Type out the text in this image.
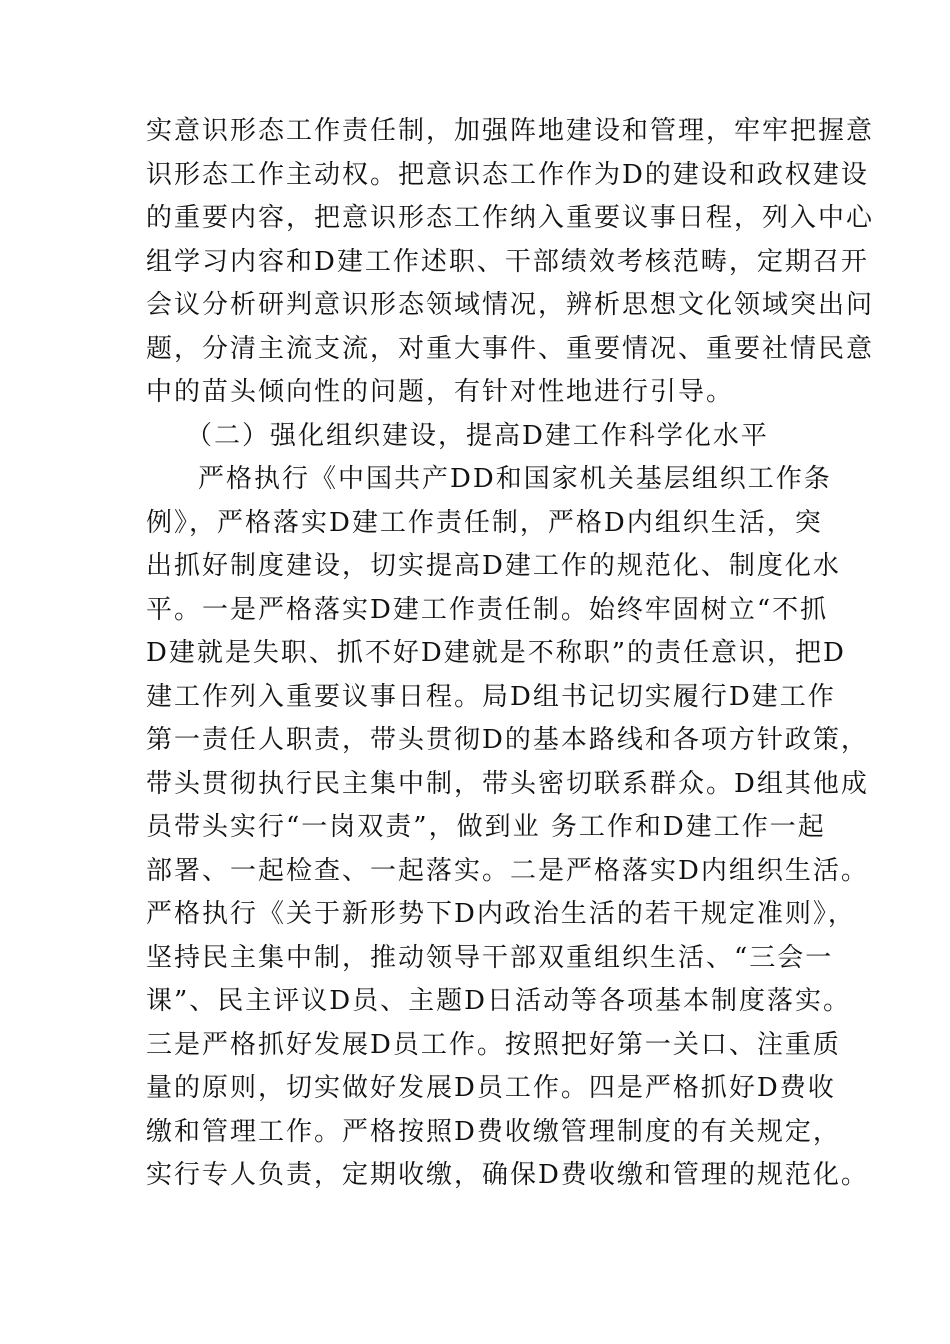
实意识形态工作责任制，加强阵地建设和管理，牢牢把握意
识形态工作主动权。把意识态工作作为D的建设和政权建设
的重要内容，把意识形态工作纳入重要议事日程，列入中心
组学习内容和D建工作述职、干部绩效考核范畴，定期召开
会议分析研判意识形态领域情况，辨析思想文化领域突出问
题，分清主流支流，对重大事件、重要情况、重要社情民意
中的苗头倾向性的问题，有针对性地进行引导。
（二）强化组织建设，提高D建工作科学化水平
严格执行《中国共产DD和国家机关基层组织工作条
例》，严格落实D建工作责任制，严格D内组织生活，突
出抓好制度建设，切实提高D建工作的规范化、制度化水
平。一是严格落实D建工作责任制。始终牢固树立“不抓
D建就是失职、抓不好D建就是不称职”的责任意识，把D
建工作列入重要议事日程。局D组书记切实履行D建工作
第一责任人职责，带头贯彻D的基本路线和各项方针政策，
带头贯彻执行民主集中制，带头密切联系群众。D组其他成
员带头实行“一岗双责”，做到业 务工作和D建工作一起
部署、一起检查、一起落实。二是严格落实D内组织生活。
严格执行《关于新形势下D内政治生活的若干规定准则》，
坚持民主集中制，推动领导干部双重组织生活、“三会一
课”、民主评议D员、主题D日活动等各项基本制度落实。
三是严格抓好发展D员工作。按照把好第一关口、注重质
量的原则，切实做好发展D员工作。四是严格抓好D费收
缴和管理工作。严格按照D费收缴管理制度的有关规定，
实行专人负责，定期收缴，确保D费收缴和管理的规范化。
